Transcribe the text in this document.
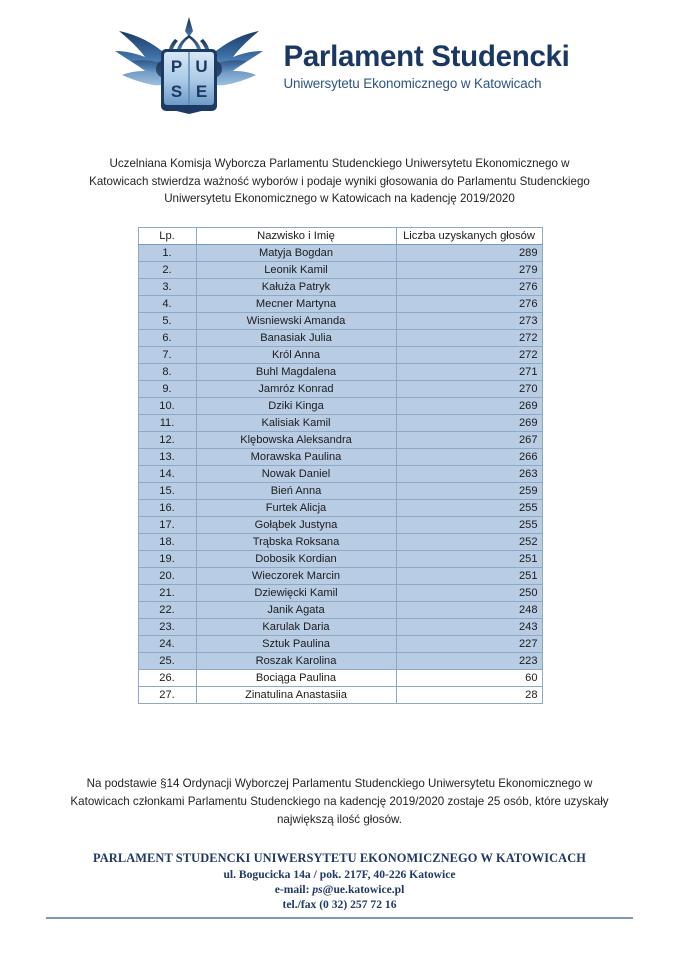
P U
S E
Parlament Studencki
Uniwersytetu Ekonomicznego w Katowicach

Uczelniana Komisja Wyborcza Parlamentu Studenckiego Uniwersytetu Ekonomicznego w Katowicach stwierdza ważność wyborów i podaje wyniki głosowania do Parlamentu Studenckiego Uniwersytetu Ekonomicznego w Katowicach na kadencję 2019/2020

Lp.	Nazwisko i Imię	Liczba uzyskanych głosów
1.	Matyja Bogdan	289
2.	Leonik Kamil	279
3.	Kałuża Patryk	276
4.	Mecner Martyna	276
5.	Wisniewski Amanda	273
6.	Banasiak Julia	272
7.	Król Anna	272
8.	Buhl Magdalena	271
9.	Jamróz Konrad	270
10.	Dziki Kinga	269
11.	Kalisiak Kamil	269
12.	Klębowska Aleksandra	267
13.	Morawska Paulina	266
14.	Nowak Daniel	263
15.	Bień Anna	259
16.	Furtek Alicja	255
17.	Gołąbek Justyna	255
18.	Trąbska Roksana	252
19.	Dobosik Kordian	251
20.	Wieczorek Marcin	251
21.	Dziewięcki Kamil	250
22.	Janik Agata	248
23.	Karulak Daria	243
24.	Sztuk Paulina	227
25.	Roszak Karolina	223
26.	Bociąga Paulina	60
27.	Zinatulina Anastasiia	28

Na podstawie §14 Ordynacji Wyborczej Parlamentu Studenckiego Uniwersytetu Ekonomicznego w Katowicach członkami Parlamentu Studenckiego na kadencję 2019/2020 zostaje 25 osób, które uzyskały największą ilość głosów.

PARLAMENT STUDENCKI UNIWERSYTETU EKONOMICZNEGO W KATOWICACH
ul. Bogucicka 14a / pok. 217F, 40-226 Katowice
e-mail: ps@ue.katowice.pl
tel./fax (0 32) 257 72 16
